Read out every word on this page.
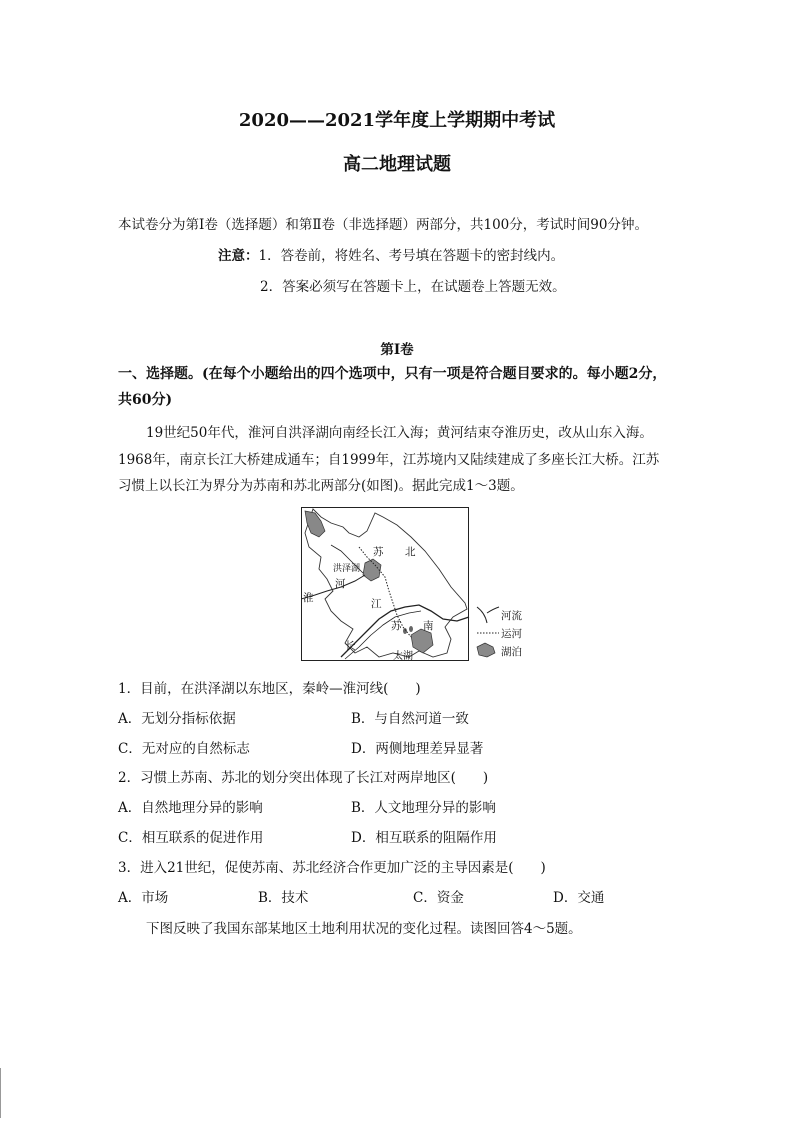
2020——2021学年度上学期期中考试
高二地理试题
本试卷分为第Ⅰ卷（选择题）和第Ⅱ卷（非选择题）两部分，共100分，考试时间90分钟。
注意：1．答卷前，将姓名、考号填在答题卡的密封线内。
2．答案必须写在答题卡上，在试题卷上答题无效。
第Ⅰ卷
一、选择题。(在每个小题给出的四个选项中，只有一项是符合题目要求的。每小题2分，
共60分)
19世纪50年代，淮河自洪泽湖向南经长江入海；黄河结束夺淮历史，改从山东入海。
1968年，南京长江大桥建成通车；自1999年，江苏境内又陆续建成了多座长江大桥。江苏
习惯上以长江为界分为苏南和苏北两部分(如图)。据此完成1～3题。
苏 北
洪泽湖
河
淮	江
苏 南
长
太湖
河流
运河
湖泊
1．目前，在洪泽湖以东地区，秦岭—淮河线(　　)
A．无划分指标依据	B．与自然河道一致
C．无对应的自然标志	D．两侧地理差异显著
2．习惯上苏南、苏北的划分突出体现了长江对两岸地区(　　)
A．自然地理分异的影响	B．人文地理分异的影响
C．相互联系的促进作用	D．相互联系的阻隔作用
3．进入21世纪，促使苏南、苏北经济合作更加广泛的主导因素是(　　)
A．市场	B．技术	C．资金	D．交通
下图反映了我国东部某地区土地利用状况的变化过程。读图回答4～5题。
